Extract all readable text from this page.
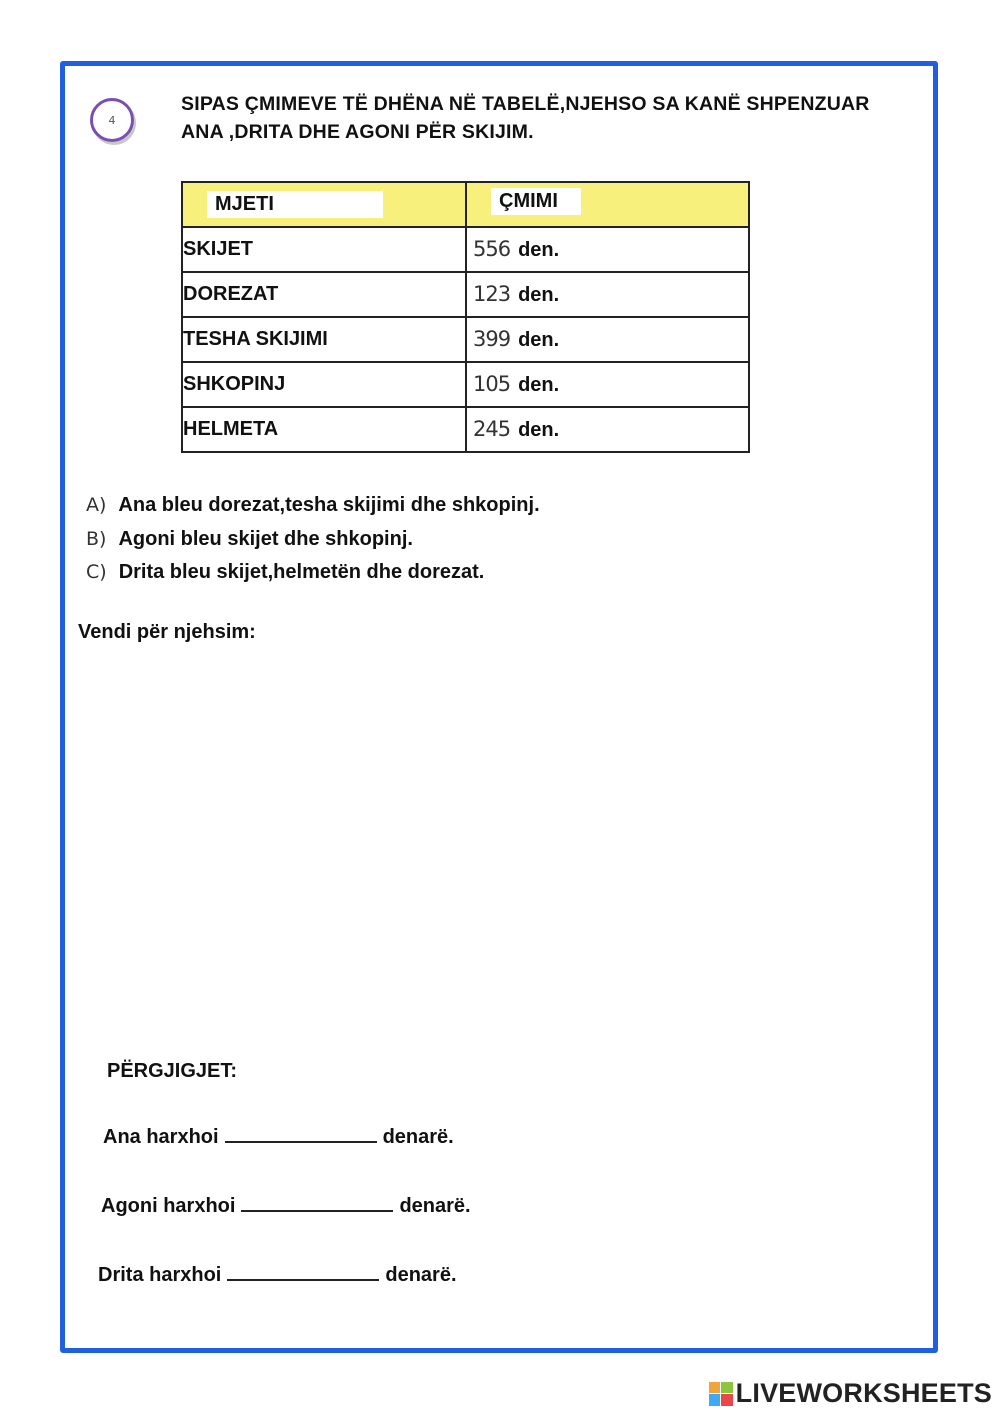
4
SIPAS ÇMIMEVE TË DHËNA NË TABELË,NJEHSO SA KANË SHPENZUAR ANA ,DRITA DHE AGONI PËR SKIJIM.
MJETI	ÇMIMI
SKIJET	556 den.
DOREZAT	123 den.
TESHA SKIJIMI	399 den.
SHKOPINJ	105 den.
HELMETA	245 den.
A) Ana bleu dorezat,tesha skijimi dhe shkopinj.
B) Agoni bleu skijet dhe shkopinj.
C) Drita bleu skijet,helmetën dhe dorezat.
Vendi për njehsim:
PËRGJIGJET:
Ana harxhoi	denarë.
Agoni harxhoi	denarë.
Drita harxhoi	denarë.
LIVEWORKSHEETS
